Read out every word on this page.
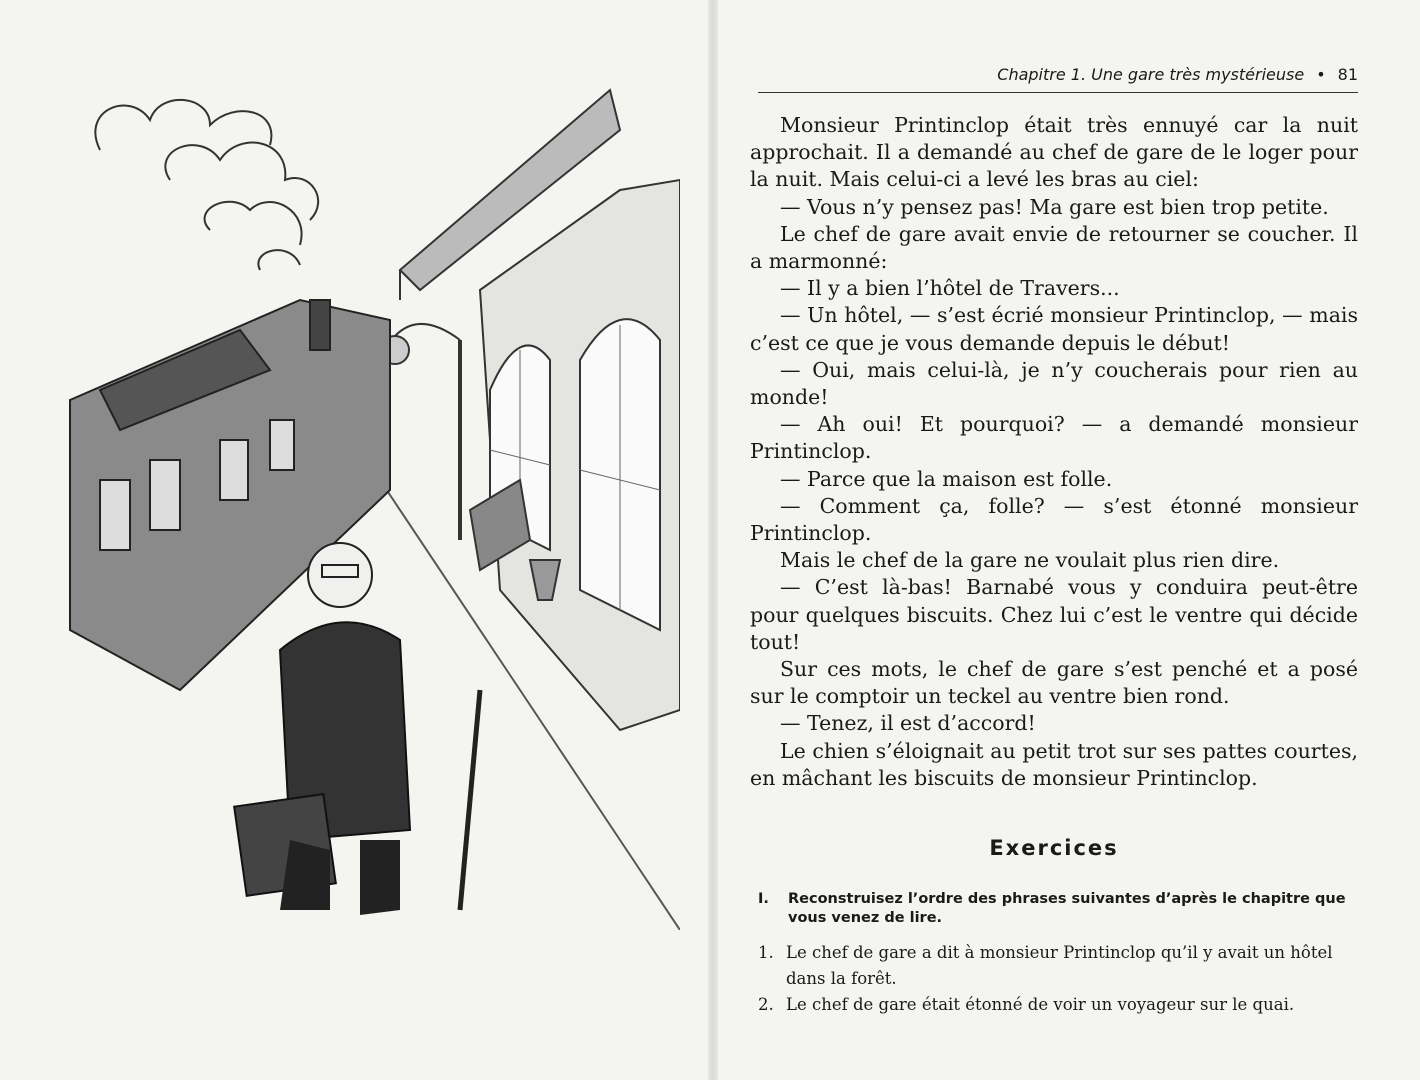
Chapitre 1. Une gare très mystérieuse • 81

Monsieur Printinclop était très ennuyé car la nuit approchait. Il a demandé au chef de gare de le loger pour la nuit. Mais celui-ci a levé les bras au ciel:

— Vous n’y pensez pas! Ma gare est bien trop petite.

Le chef de gare avait envie de retourner se coucher. Il a marmonné:

— Il y a bien l’hôtel de Travers...

— Un hôtel, — s’est écrié monsieur Printinclop, — mais c’est ce que je vous demande depuis le début!

— Oui, mais celui-là, je n’y coucherais pour rien au monde!

— Ah oui! Et pourquoi? — a demandé monsieur Printinclop.

— Parce que la maison est folle.

— Comment ça, folle? — s’est étonné monsieur Printinclop.

Mais le chef de la gare ne voulait plus rien dire.

— C’est là-bas! Barnabé vous y conduira peut-être pour quelques biscuits. Chez lui c’est le ventre qui décide tout!

Sur ces mots, le chef de gare s’est penché et a posé sur le comptoir un teckel au ventre bien rond.

— Tenez, il est d’accord!

Le chien s’éloignait au petit trot sur ses pattes courtes, en mâchant les biscuits de monsieur Printinclop.

Exercices
I. Reconstruisez l’ordre des phrases suivantes d’après le chapitre que vous venez de lire.
1. Le chef de gare a dit à monsieur Printinclop qu’il y avait un hôtel dans la forêt.
2. Le chef de gare était étonné de voir un voyageur sur le quai.
